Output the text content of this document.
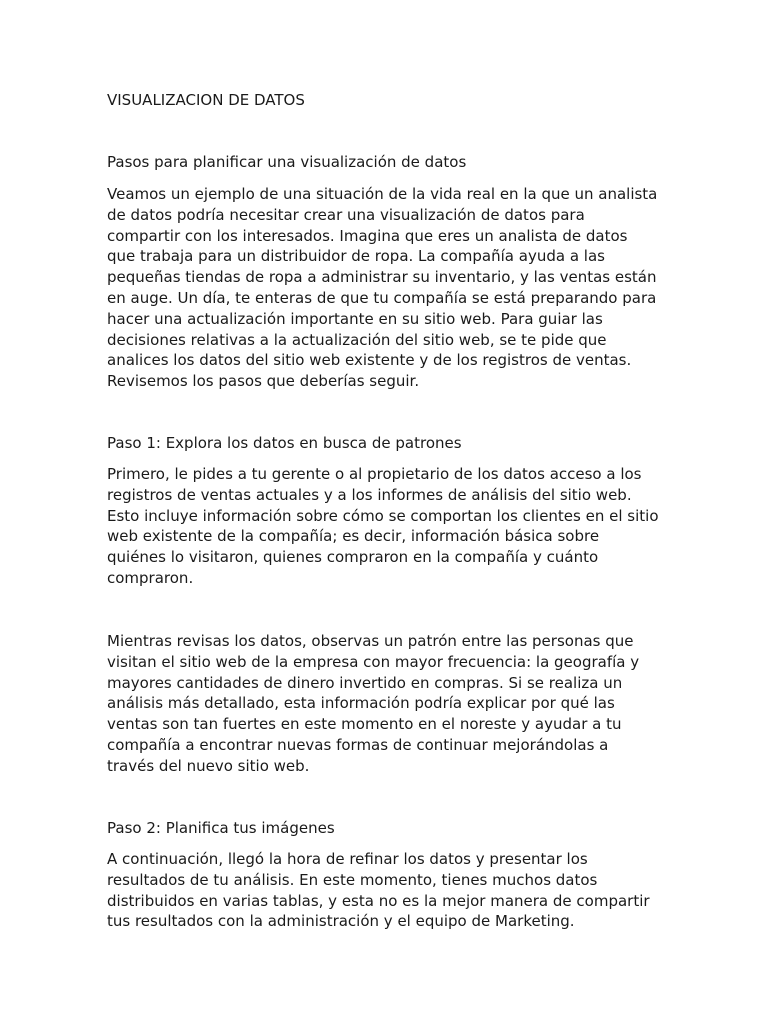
VISUALIZACION DE DATOS

Pasos para planificar una visualización de datos

Veamos un ejemplo de una situación de la vida real en la que un analista
de datos podría necesitar crear una visualización de datos para
compartir con los interesados. Imagina que eres un analista de datos
que trabaja para un distribuidor de ropa. La compañía ayuda a las
pequeñas tiendas de ropa a administrar su inventario, y las ventas están
en auge. Un día, te enteras de que tu compañía se está preparando para
hacer una actualización importante en su sitio web. Para guiar las
decisiones relativas a la actualización del sitio web, se te pide que
analices los datos del sitio web existente y de los registros de ventas.
Revisemos los pasos que deberías seguir.

Paso 1: Explora los datos en busca de patrones

Primero, le pides a tu gerente o al propietario de los datos acceso a los
registros de ventas actuales y a los informes de análisis del sitio web.
Esto incluye información sobre cómo se comportan los clientes en el sitio
web existente de la compañía; es decir, información básica sobre
quiénes lo visitaron, quienes compraron en la compañía y cuánto
compraron.

Mientras revisas los datos, observas un patrón entre las personas que
visitan el sitio web de la empresa con mayor frecuencia: la geografía y
mayores cantidades de dinero invertido en compras. Si se realiza un
análisis más detallado, esta información podría explicar por qué las
ventas son tan fuertes en este momento en el noreste y ayudar a tu
compañía a encontrar nuevas formas de continuar mejorándolas a
través del nuevo sitio web.

Paso 2: Planifica tus imágenes

A continuación, llegó la hora de refinar los datos y presentar los
resultados de tu análisis. En este momento, tienes muchos datos
distribuidos en varias tablas, y esta no es la mejor manera de compartir
tus resultados con la administración y el equipo de Marketing.
